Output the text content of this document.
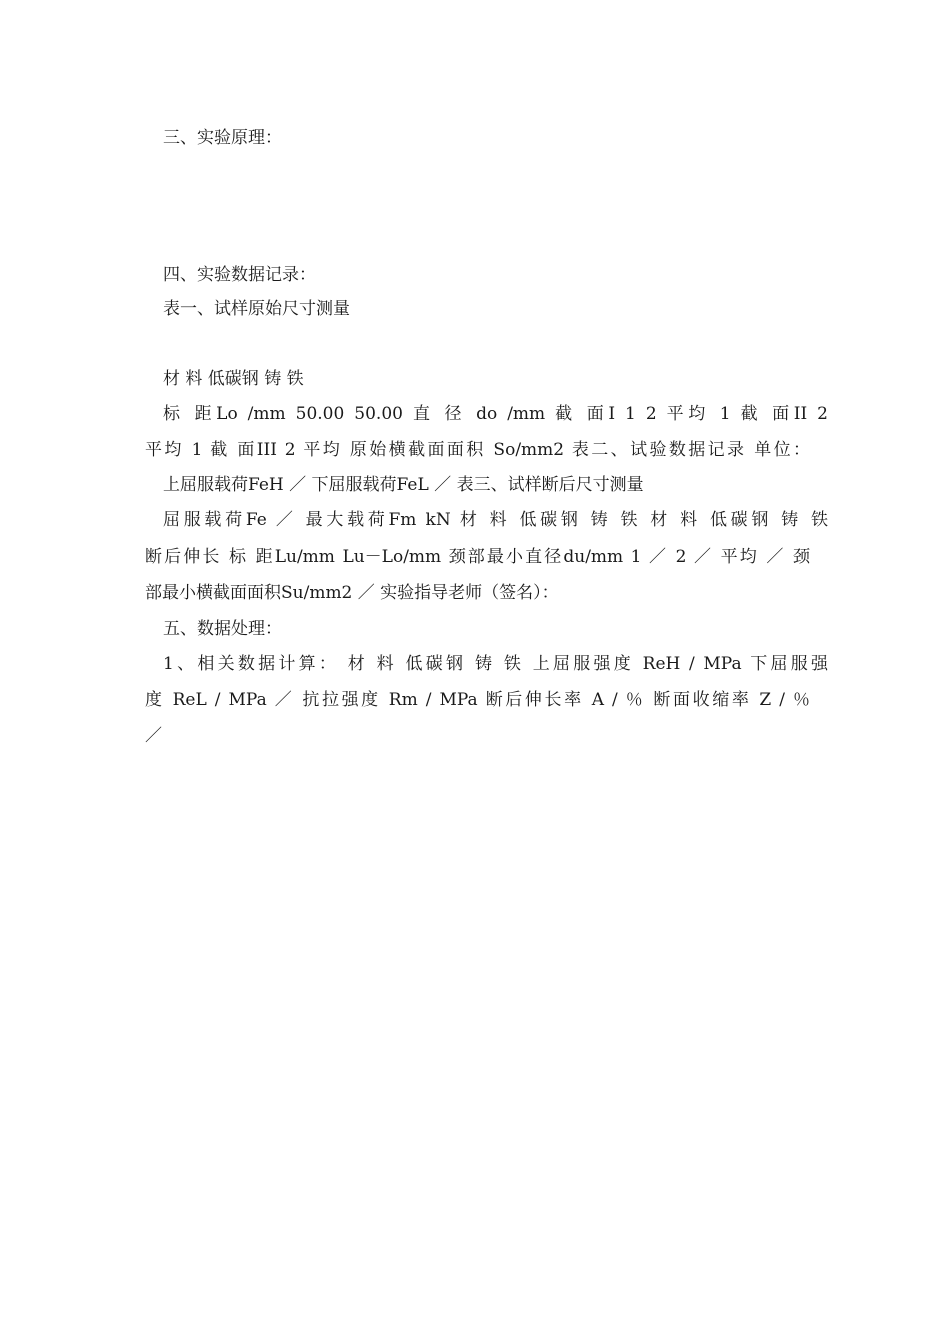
三、实验原理：
四、实验数据记录：
表一、试样原始尺寸测量
材 料 低碳钢 铸 铁
标 距Lo /mm 50.00 50.00 直 径 do /mm 截 面I 1 2 平均 1 截 面II 2
平均 1 截 面III 2 平均 原始横截面面积 So/mm2 表二、试验数据记录 单位：
上屈服载荷FeH ／ 下屈服载荷FeL ／ 表三、试样断后尺寸测量
屈服载荷Fe ／ 最大载荷Fm kN 材 料 低碳钢 铸 铁 材 料 低碳钢 铸 铁
断后伸长 标 距Lu/mm Lu－Lo/mm 颈部最小直径du/mm 1 ／ 2 ／ 平均 ／ 颈
部最小横截面面积Su/mm2 ／ 实验指导老师（签名）：
五、数据处理：
1、相关数据计算： 材 料 低碳钢 铸 铁 上屈服强度 ReH / MPa 下屈服强
度 ReL / MPa ／ 抗拉强度 Rm / MPa 断后伸长率 A / ％ 断面收缩率 Z / ％
／
